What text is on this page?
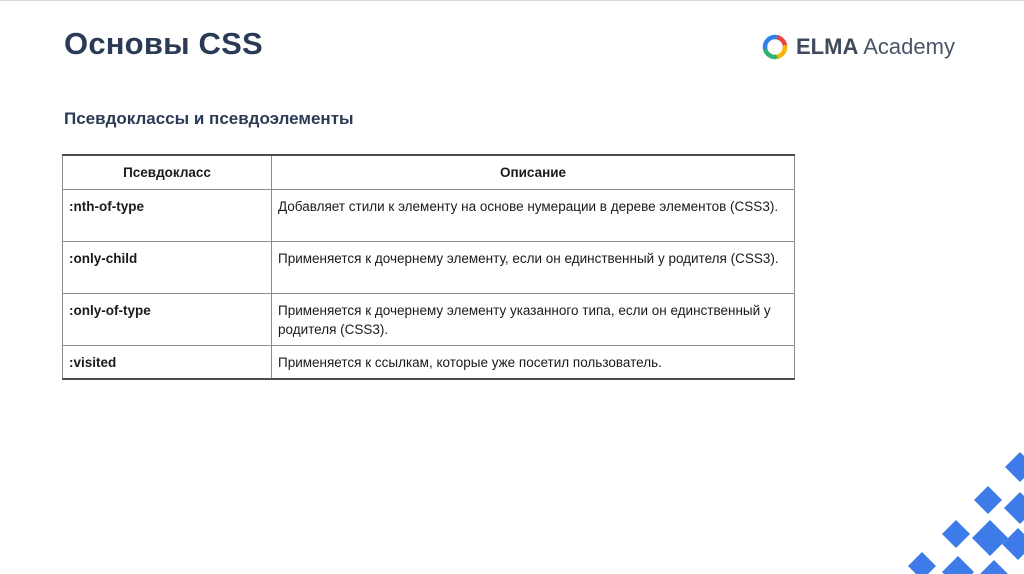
Основы CSS	ELMA Academy
Псевдоклассы и псевдоэлементы
Псевдокласс	Описание
:nth-of-type	Добавляет стили к элементу на основе нумерации в дереве элементов (CSS3).
:only-child	Применяется к дочернему элементу, если он единственный у родителя (CSS3).
:only-of-type	Применяется к дочернему элементу указанного типа, если он единственный у родителя (CSS3).
:visited	Применяется к ссылкам, которые уже посетил пользователь.
